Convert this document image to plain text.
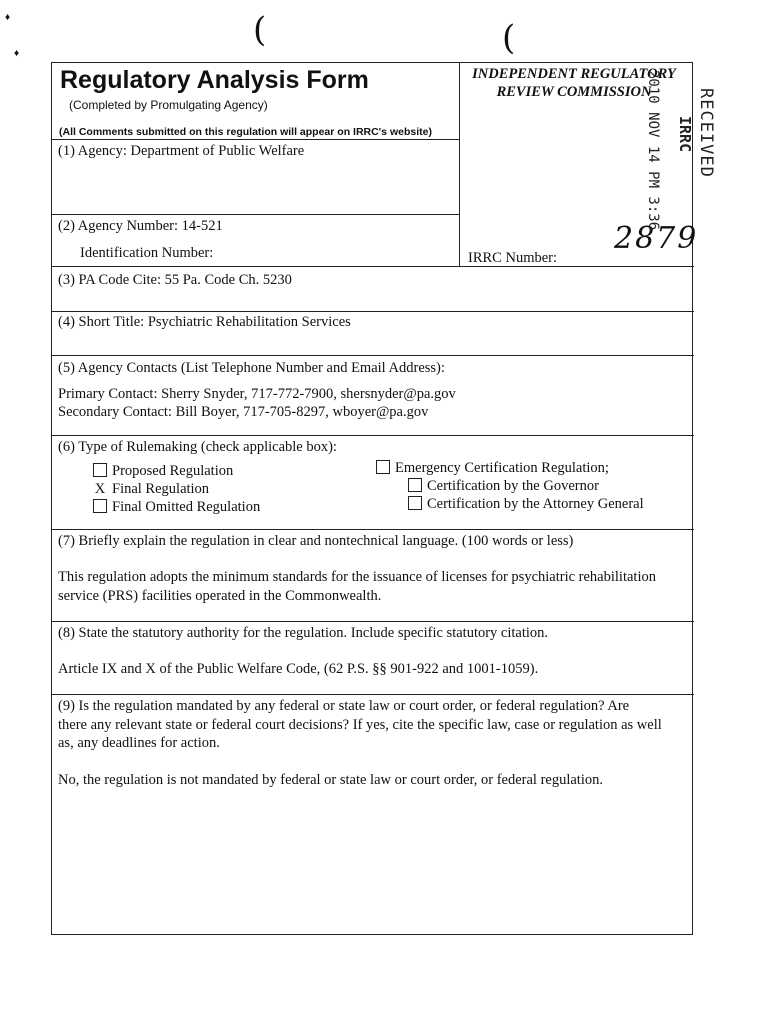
♦
♦
(	(
Regulatory Analysis Form
(Completed by Promulgating Agency)
(All Comments submitted on this regulation will appear on IRRC's website)
INDEPENDENT REGULATORY
REVIEW COMMISSION
(1) Agency: Department of Public Welfare
(2) Agency Number: 14-521
Identification Number:	IRRC Number:
2879
(3) PA Code Cite: 55 Pa. Code Ch. 5230
(4) Short Title: Psychiatric Rehabilitation Services
(5) Agency Contacts (List Telephone Number and Email Address):
Primary Contact: Sherry Snyder, 717-772-7900, shersnyder@pa.gov
Secondary Contact: Bill Boyer, 717-705-8297, wboyer@pa.gov
(6) Type of Rulemaking (check applicable box):
Proposed Regulation
X Final Regulation
Final Omitted Regulation
Emergency Certification Regulation;
Certification by the Governor
Certification by the Attorney General
(7) Briefly explain the regulation in clear and nontechnical language. (100 words or less)
This regulation adopts the minimum standards for the issuance of licenses for psychiatric rehabilitation
service (PRS) facilities operated in the Commonwealth.
(8) State the statutory authority for the regulation. Include specific statutory citation.
Article IX and X of the Public Welfare Code, (62 P.S. §§ 901-922 and 1001-1059).
(9) Is the regulation mandated by any federal or state law or court order, or federal regulation? Are
there any relevant state or federal court decisions? If yes, cite the specific law, case or regulation as well
as, any deadlines for action.
No, the regulation is not mandated by federal or state law or court order, or federal regulation.
RECEIVED
IRRC
2010 NOV 14 PM 3:36
